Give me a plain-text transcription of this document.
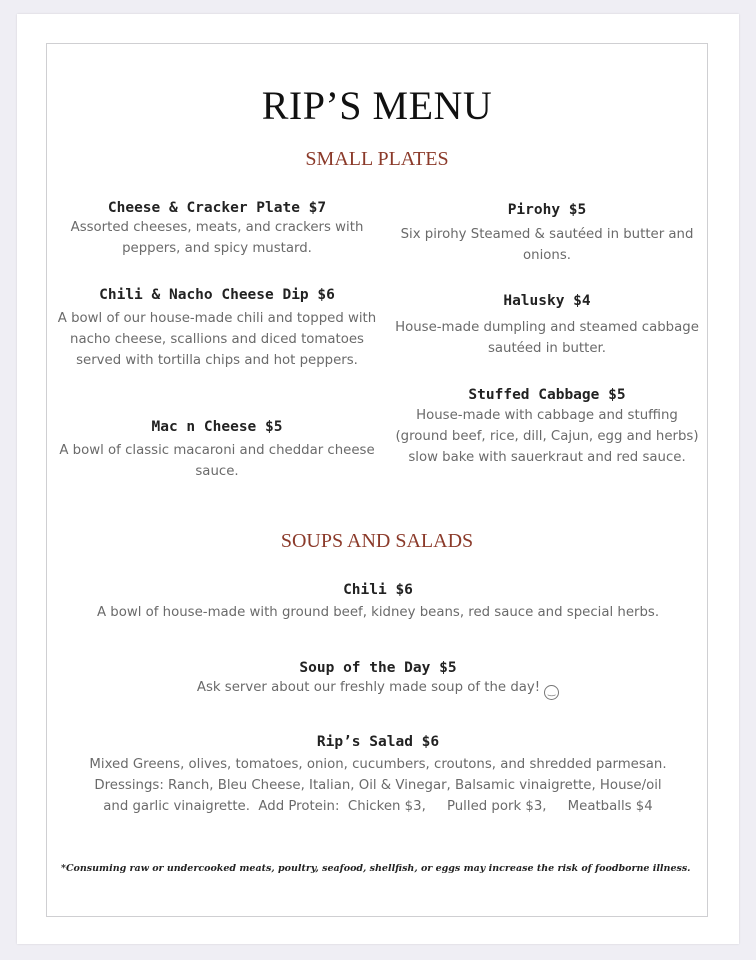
RIP’S MENU
SMALL PLATES
Cheese & Cracker Plate $7
Assorted cheeses, meats, and crackers with peppers, and spicy mustard.
Chili & Nacho Cheese Dip $6
A bowl of our house-made chili and topped with nacho cheese, scallions and diced tomatoes served with tortilla chips and hot peppers.
Mac n Cheese $5
A bowl of classic macaroni and cheddar cheese sauce.
Pirohy $5
Six pirohy Steamed & sautéed in butter and onions.
Halusky $4
House-made dumpling and steamed cabbage sautéed in butter.
Stuffed Cabbage $5
House-made with cabbage and stuffing (ground beef, rice, dill, Cajun, egg and herbs) slow bake with sauerkraut and red sauce.
SOUPS AND SALADS
Chili $6
A bowl of house-made with ground beef, kidney beans, red sauce and special herbs.
Soup of the Day $5
Ask server about our freshly made soup of the day! ‿
Rip’s Salad $6
Mixed Greens, olives, tomatoes, onion, cucumbers, croutons, and shredded parmesan.
Dressings: Ranch, Bleu Cheese, Italian, Oil & Vinegar, Balsamic vinaigrette, House/oil
and garlic vinaigrette.  Add Protein:  Chicken $3,     Pulled pork $3,     Meatballs $4
*Consuming raw or undercooked meats, poultry, seafood, shellfish, or eggs may increase the risk of foodborne illness.
